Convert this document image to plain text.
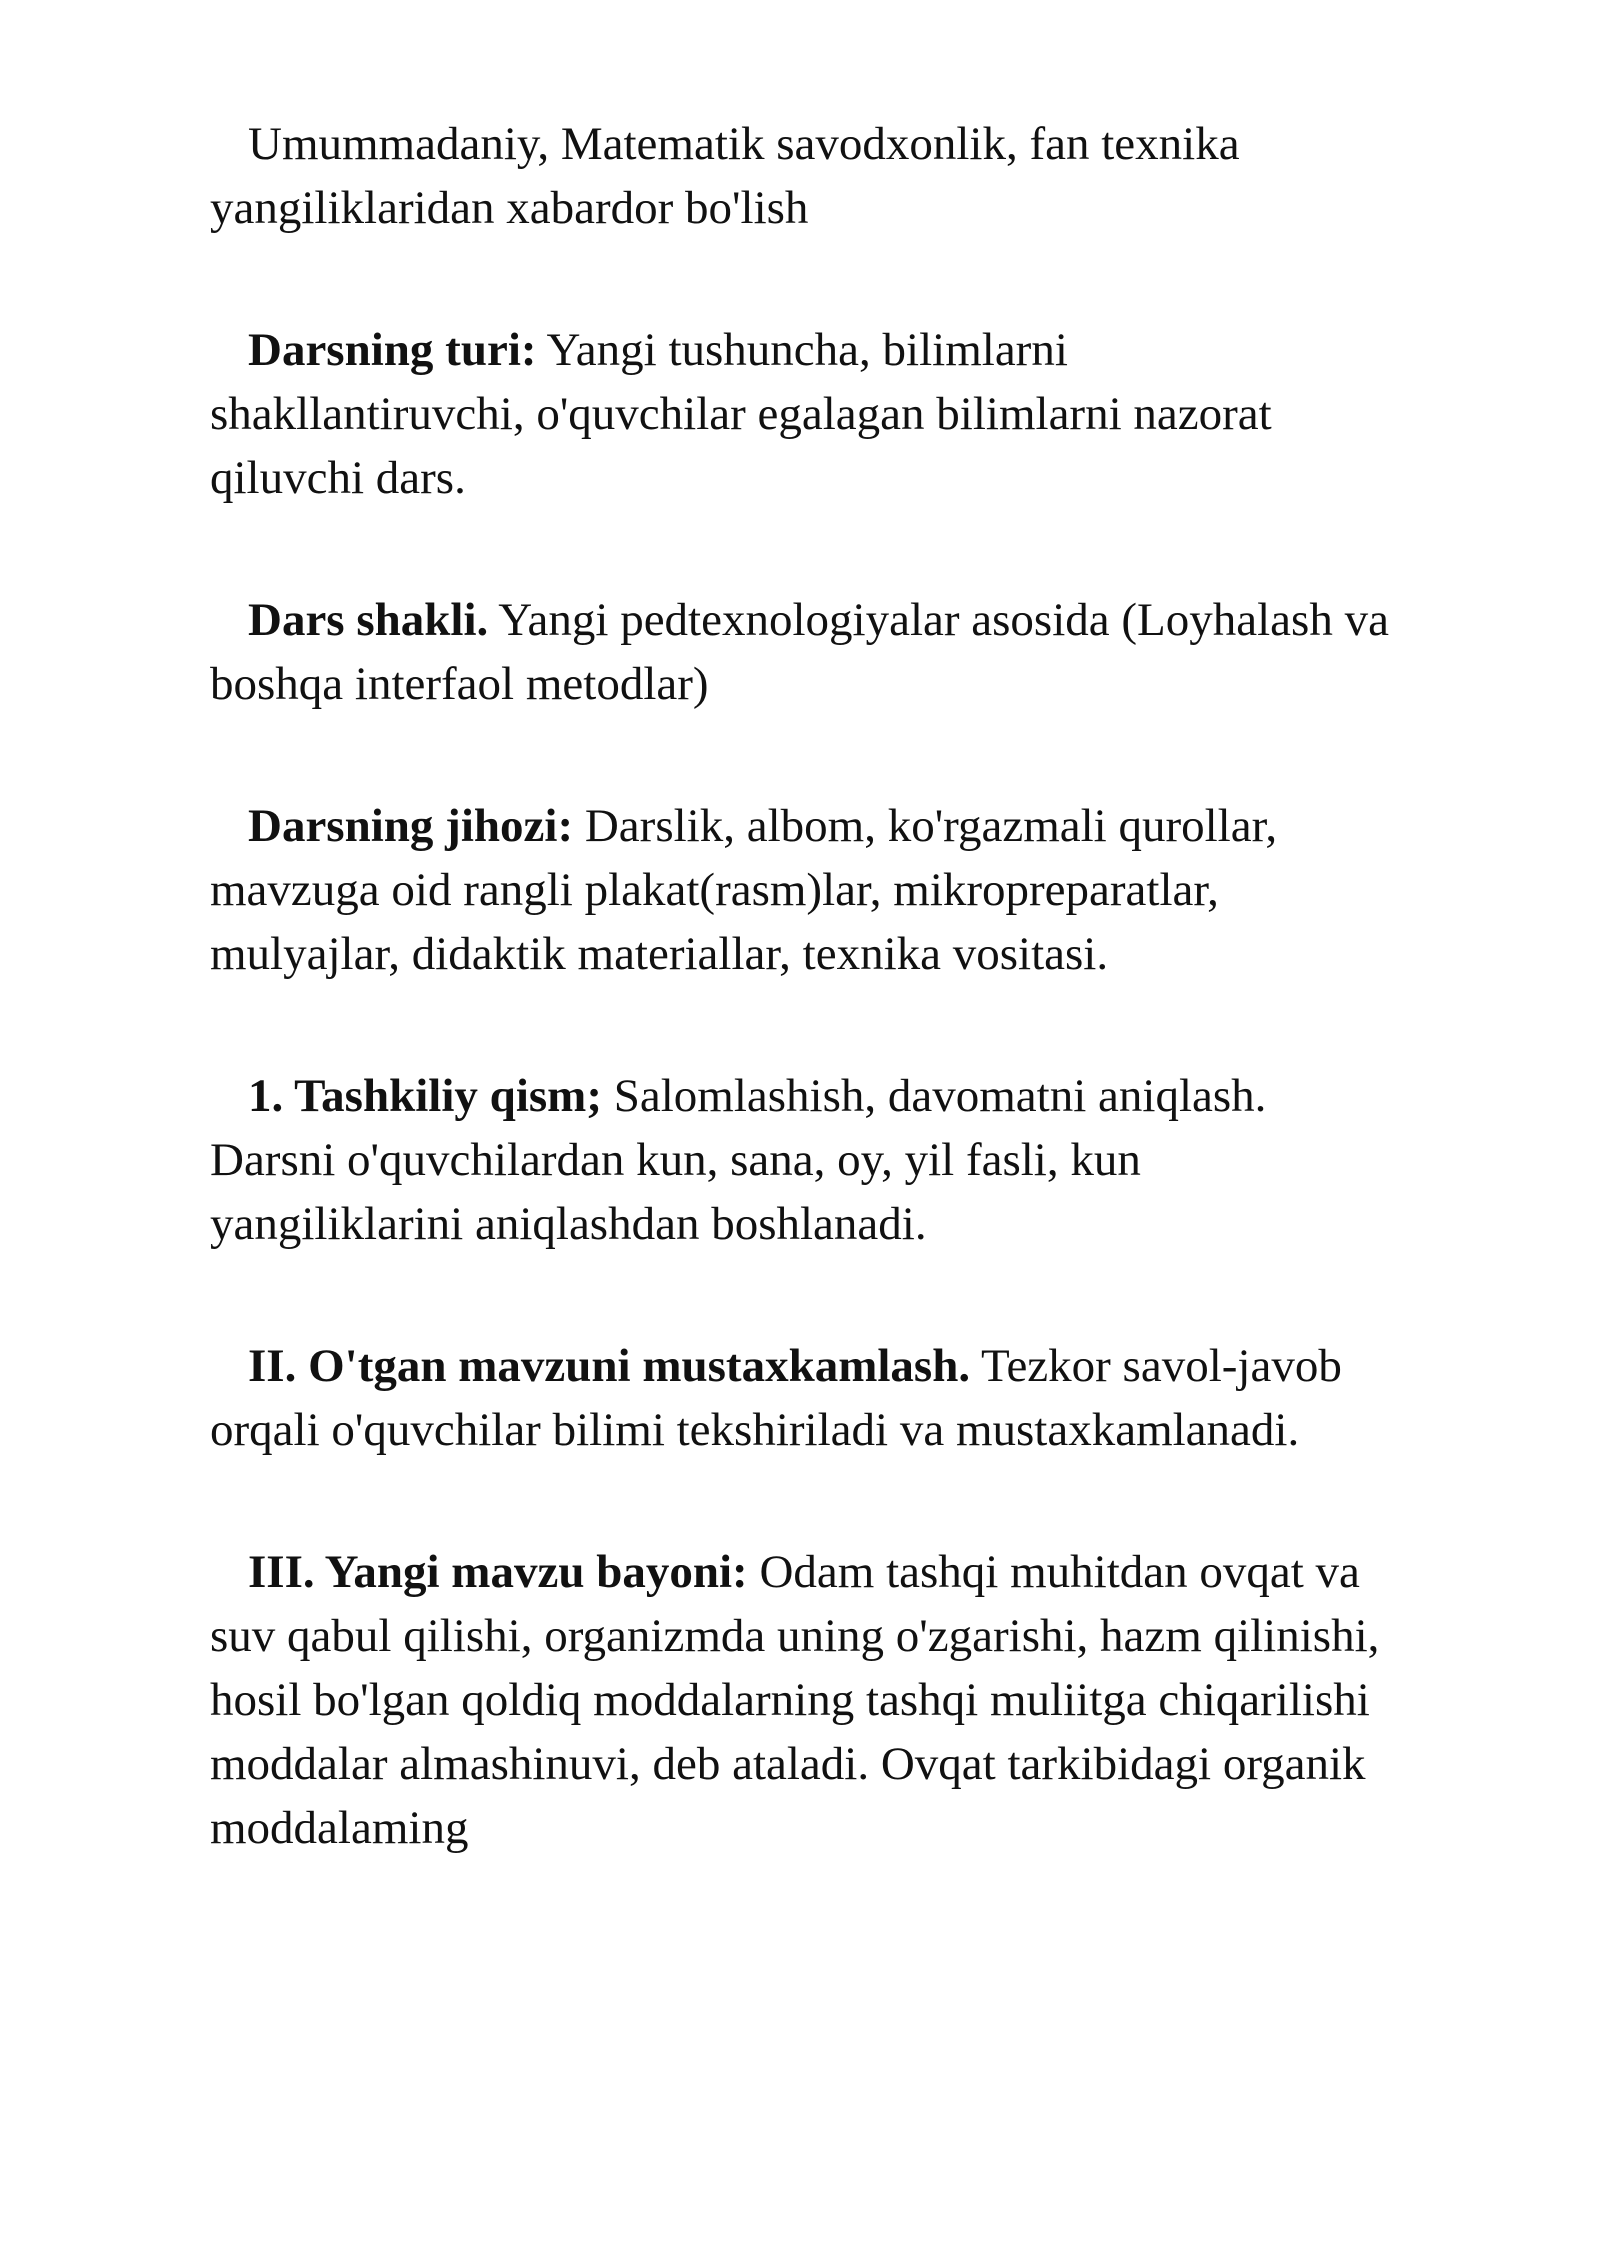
Umummadaniy, Matematik savodxonlik, fan texnika yangiliklaridan xabardor bo'lish

Darsning turi: Yangi tushuncha, bilimlarni shakllantiruvchi, o'quvchilar egalagan bilimlarni nazorat qiluvchi dars.

Dars shakli. Yangi pedtexnologiyalar asosida (Loyhalash va boshqa interfaol metodlar)

Darsning jihozi: Darslik, albom, ko'rgazmali qurollar, mavzuga oid rangli plakat(rasm)lar, mikropreparatlar, mulyajlar, didaktik materiallar, texnika vositasi.

1. Tashkiliy qism; Salomlashish, davomatni aniqlash. Darsni o'quvchilardan kun, sana, oy, yil fasli, kun yangiliklarini aniqlashdan boshlanadi.

II. O'tgan mavzuni mustaxkamlash. Tezkor savol-javob orqali o'quvchilar bilimi tekshiriladi va mustaxkamlanadi.

III. Yangi mavzu bayoni: Odam tashqi muhitdan ovqat va suv qabul qilishi, organizmda uning o'zgarishi, hazm qilinishi, hosil bo'lgan qoldiq moddalarning tashqi muliitga chiqarilishi moddalar almashinuvi, deb ataladi. Ovqat tarkibidagi organik moddalaming
